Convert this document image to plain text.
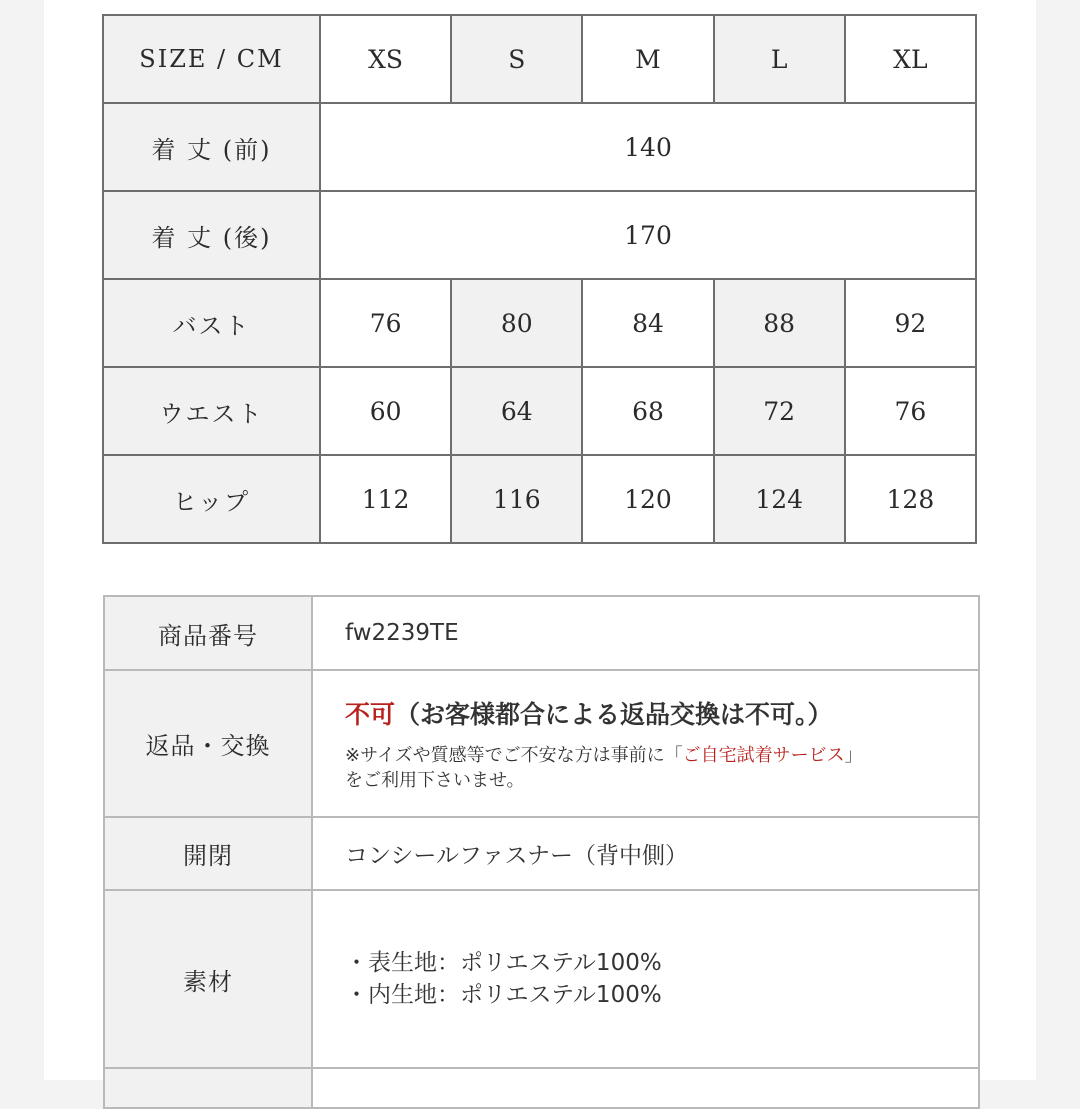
SIZE / CM	XS	S	M	L	XL
着 丈 (前)	140				
着 丈 (後)	170				
バスト	76	80	84	88	92
ウエスト	60	64	68	72	76
ヒップ	112	116	120	124	128
商品番号	fw2239TE
返品・交換	不可（お客様都合による返品交換は不可。）
※サイズや質感等でご不安な方は事前に「ご自宅試着サービス」
をご利用下さいませ。

開閉	コンシールファスナー（背中側）
素材	・表生地：ポリエステル100%
・内生地：ポリエステル100%
